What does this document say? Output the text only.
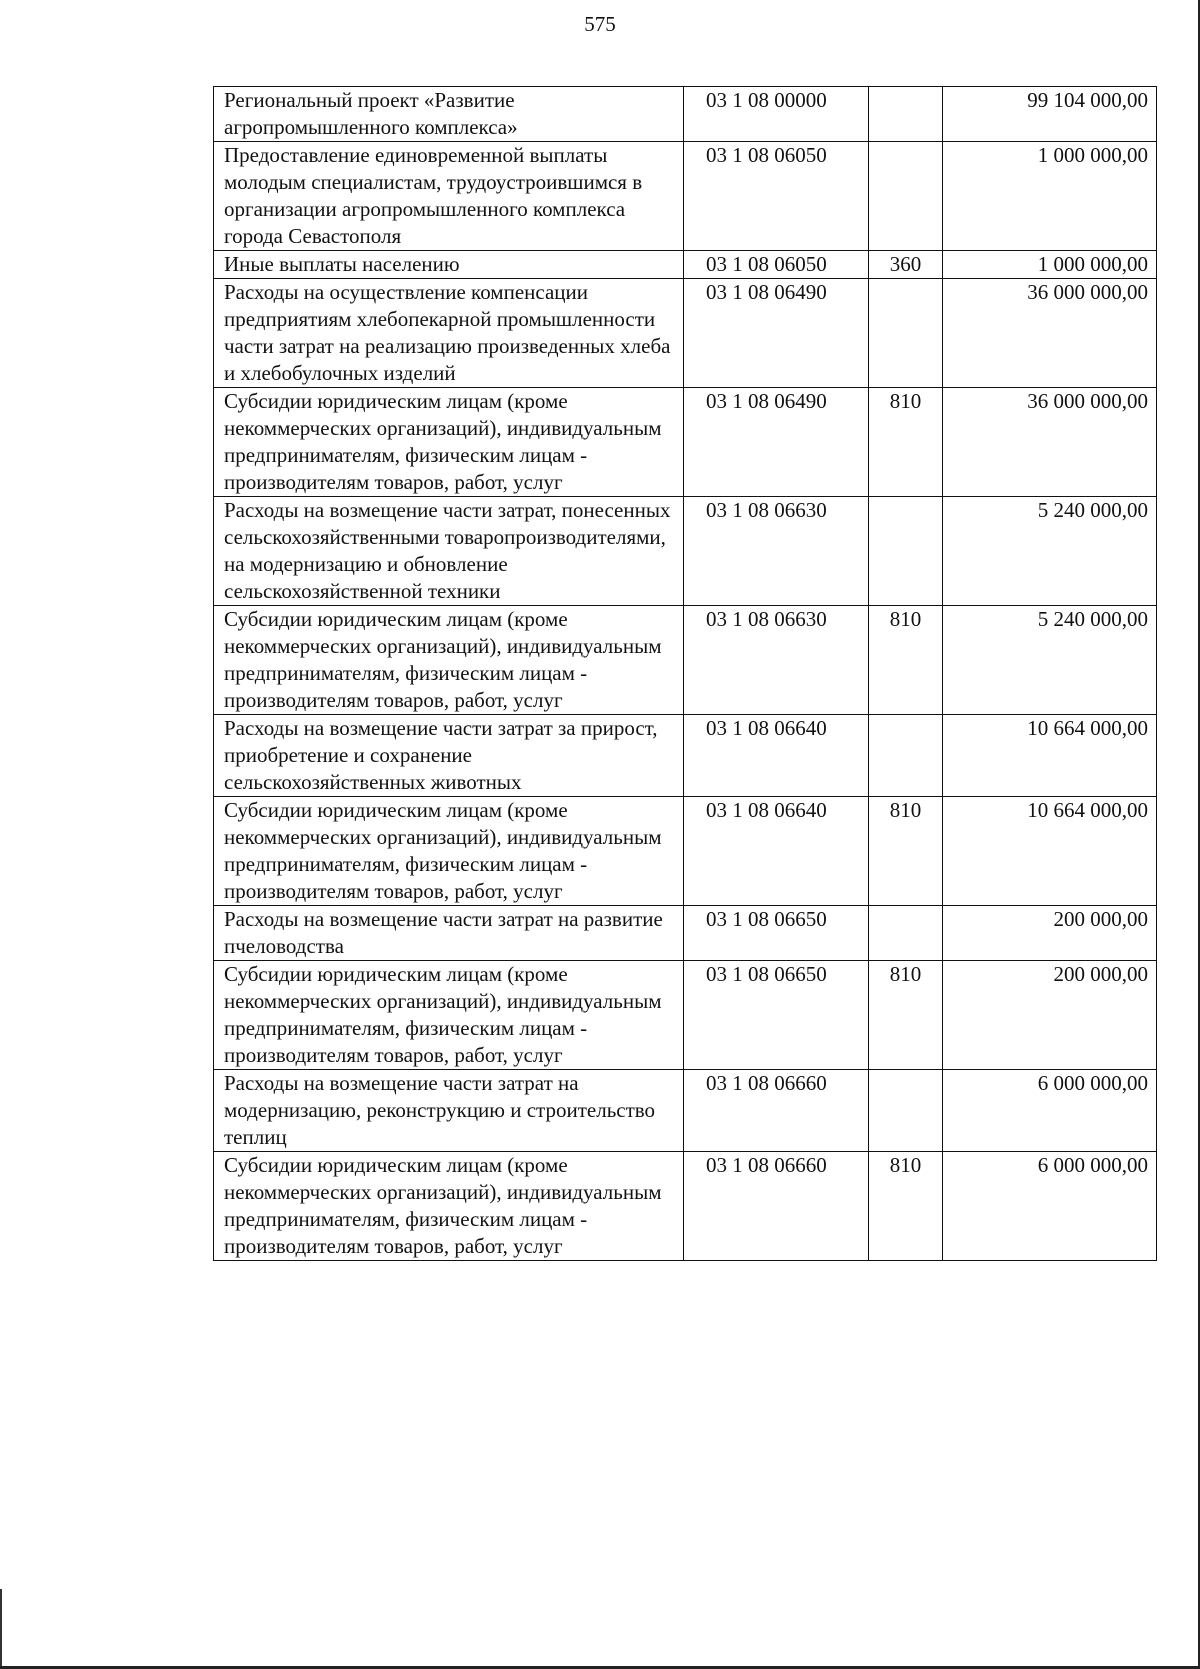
575
Региональный проект «Развитие агропромышленного комплекса»	03 1 08 00000		99 104 000,00
Предоставление единовременной выплаты молодым специалистам, трудоустроившимся в организации агропромышленного комплекса города Севастополя	03 1 08 06050		1 000 000,00
Иные выплаты населению	03 1 08 06050	360	1 000 000,00
Расходы на осуществление компенсации предприятиям хлебопекарной промышленности части затрат на реализацию произведенных хлеба и хлебобулочных изделий	03 1 08 06490		36 000 000,00
Субсидии юридическим лицам (кроме некоммерческих организаций), индивидуальным предпринимателям, физическим лицам - производителям товаров, работ, услуг	03 1 08 06490	810	36 000 000,00
Расходы на возмещение части затрат, понесенных сельскохозяйственными товаропроизводителями, на модернизацию и обновление сельскохозяйственной техники	03 1 08 06630		5 240 000,00
Субсидии юридическим лицам (кроме некоммерческих организаций), индивидуальным предпринимателям, физическим лицам - производителям товаров, работ, услуг	03 1 08 06630	810	5 240 000,00
Расходы на возмещение части затрат за прирост, приобретение и сохранение сельскохозяйственных животных	03 1 08 06640		10 664 000,00
Субсидии юридическим лицам (кроме некоммерческих организаций), индивидуальным предпринимателям, физическим лицам - производителям товаров, работ, услуг	03 1 08 06640	810	10 664 000,00
Расходы на возмещение части затрат на развитие пчеловодства	03 1 08 06650		200 000,00
Субсидии юридическим лицам (кроме некоммерческих организаций), индивидуальным предпринимателям, физическим лицам - производителям товаров, работ, услуг	03 1 08 06650	810	200 000,00
Расходы на возмещение части затрат на модернизацию, реконструкцию и строительство теплиц	03 1 08 06660		6 000 000,00
Субсидии юридическим лицам (кроме некоммерческих организаций), индивидуальным предпринимателям, физическим лицам - производителям товаров, работ, услуг	03 1 08 06660	810	6 000 000,00
